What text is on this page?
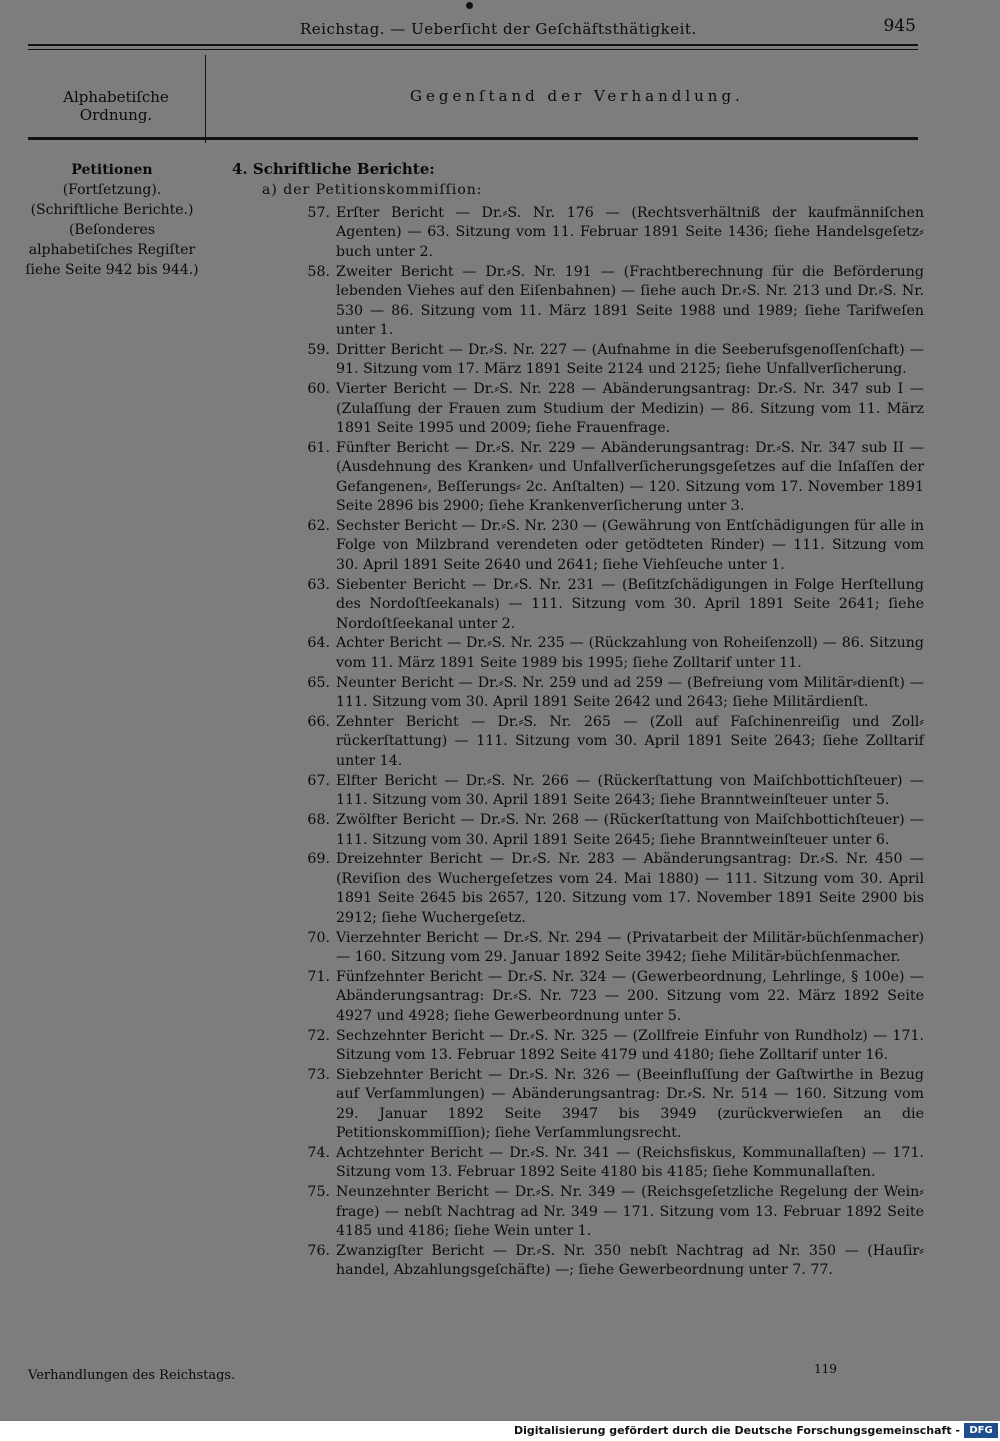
Reichstag. — Ueberſicht der Geſchäftsthätigkeit.	945
Alphabetiſche Ordnung.
Gegenſtand der Verhandlung.
Petitionen (Fortſetzung).
(Schriftliche Berichte.)
(Beſonderes
alphabetiſches Regiſter
ſiehe Seite 942 bis 944.)
4. Schriftliche Berichte:
a) der Petitionskommiſſion:
57. Erſter Bericht — Dr.⸗S. Nr. 176 — (Rechtsverhältniß der kaufmänniſchen Agenten) — 63. Sitzung vom 11. Februar 1891 Seite 1436; ſiehe Handelsgeſetz⸗buch unter 2.
58. Zweiter Bericht — Dr.⸗S. Nr. 191 — (Frachtberechnung für die Beförderung lebenden Viehes auf den Eiſenbahnen) — ſiehe auch Dr.⸗S. Nr. 213 und Dr.⸗S. Nr. 530 — 86. Sitzung vom 11. März 1891 Seite 1988 und 1989; ſiehe Tarifweſen unter 1.
59. Dritter Bericht — Dr.⸗S. Nr. 227 — (Aufnahme in die Seeberufsgenoſſenſchaft) — 91. Sitzung vom 17. März 1891 Seite 2124 und 2125; ſiehe Unfallverſicherung.
60. Vierter Bericht — Dr.⸗S. Nr. 228 — Abänderungsantrag: Dr.⸗S. Nr. 347 sub I — (Zulaſſung der Frauen zum Studium der Medizin) — 86. Sitzung vom 11. März 1891 Seite 1995 und 2009; ſiehe Frauenfrage.
61. Fünfter Bericht — Dr.⸗S. Nr. 229 — Abänderungsantrag: Dr.⸗S. Nr. 347 sub II — (Ausdehnung des Kranken⸗ und Unfallverſicherungsgeſetzes auf die Inſaſſen der Gefangenen⸗, Beſſerungs⸗ 2c. Anſtalten) — 120. Sitzung vom 17. November 1891 Seite 2896 bis 2900; ſiehe Krankenverſicherung unter 3.
62. Sechster Bericht — Dr.⸗S. Nr. 230 — (Gewährung von Entſchädigungen für alle in Folge von Milzbrand verendeten oder getödteten Rinder) — 111. Sitzung vom 30. April 1891 Seite 2640 und 2641; ſiehe Viehſeuche unter 1.
63. Siebenter Bericht — Dr.⸗S. Nr. 231 — (Beſitzſchädigungen in Folge Herſtellung des Nordoſtſeekanals) — 111. Sitzung vom 30. April 1891 Seite 2641; ſiehe Nordoſtſeekanal unter 2.
64. Achter Bericht — Dr.⸗S. Nr. 235 — (Rückzahlung von Roheiſenzoll) — 86. Sitzung vom 11. März 1891 Seite 1989 bis 1995; ſiehe Zolltarif unter 11.
65. Neunter Bericht — Dr.⸗S. Nr. 259 und ad 259 — (Befreiung vom Militär⸗dienſt) — 111. Sitzung vom 30. April 1891 Seite 2642 und 2643; ſiehe Militärdienſt.
66. Zehnter Bericht — Dr.⸗S. Nr. 265 — (Zoll auf Faſchinenreiſig und Zoll⸗rückerſtattung) — 111. Sitzung vom 30. April 1891 Seite 2643; ſiehe Zolltarif unter 14.
67. Elfter Bericht — Dr.⸗S. Nr. 266 — (Rückerſtattung von Maiſchbottichſteuer) — 111. Sitzung vom 30. April 1891 Seite 2643; ſiehe Branntweinſteuer unter 5.
68. Zwölfter Bericht — Dr.⸗S. Nr. 268 — (Rückerſtattung von Maiſchbottichſteuer) — 111. Sitzung vom 30. April 1891 Seite 2645; ſiehe Branntweinſteuer unter 6.
69. Dreizehnter Bericht — Dr.⸗S. Nr. 283 — Abänderungsantrag: Dr.⸗S. Nr. 450 — (Reviſion des Wuchergeſetzes vom 24. Mai 1880) — 111. Sitzung vom 30. April 1891 Seite 2645 bis 2657, 120. Sitzung vom 17. November 1891 Seite 2900 bis 2912; ſiehe Wuchergeſetz.
70. Vierzehnter Bericht — Dr.⸗S. Nr. 294 — (Privatarbeit der Militär⸗büchſenmacher) — 160. Sitzung vom 29. Januar 1892 Seite 3942; ſiehe Militär⸗büchſenmacher.
71. Fünfzehnter Bericht — Dr.⸗S. Nr. 324 — (Gewerbeordnung, Lehrlinge, § 100e) — Abänderungsantrag: Dr.⸗S. Nr. 723 — 200. Sitzung vom 22. März 1892 Seite 4927 und 4928; ſiehe Gewerbeordnung unter 5.
72. Sechzehnter Bericht — Dr.⸗S. Nr. 325 — (Zollfreie Einfuhr von Rundholz) — 171. Sitzung vom 13. Februar 1892 Seite 4179 und 4180; ſiehe Zolltarif unter 16.
73. Siebzehnter Bericht — Dr.⸗S. Nr. 326 — (Beeinfluſſung der Gaſtwirthe in Bezug auf Verſammlungen) — Abänderungsantrag: Dr.⸗S. Nr. 514 — 160. Sitzung vom 29. Januar 1892 Seite 3947 bis 3949 (zurückverwieſen an die Petitionskommiſſion); ſiehe Verſammlungsrecht.
74. Achtzehnter Bericht — Dr.⸗S. Nr. 341 — (Reichsfiskus, Kommunallaſten) — 171. Sitzung vom 13. Februar 1892 Seite 4180 bis 4185; ſiehe Kommunallaſten.
75. Neunzehnter Bericht — Dr.⸗S. Nr. 349 — (Reichsgeſetzliche Regelung der Wein⸗frage) — nebſt Nachtrag ad Nr. 349 — 171. Sitzung vom 13. Februar 1892 Seite 4185 und 4186; ſiehe Wein unter 1.
76. Zwanzigſter Bericht — Dr.⸗S. Nr. 350 nebſt Nachtrag ad Nr. 350 — (Hauſir⸗handel, Abzahlungsgeſchäfte) —; ſiehe Gewerbeordnung unter 7. 77.
Verhandlungen des Reichstags.	119
Digitalisierung gefördert durch die Deutsche Forschungsgemeinschaft - DFG
